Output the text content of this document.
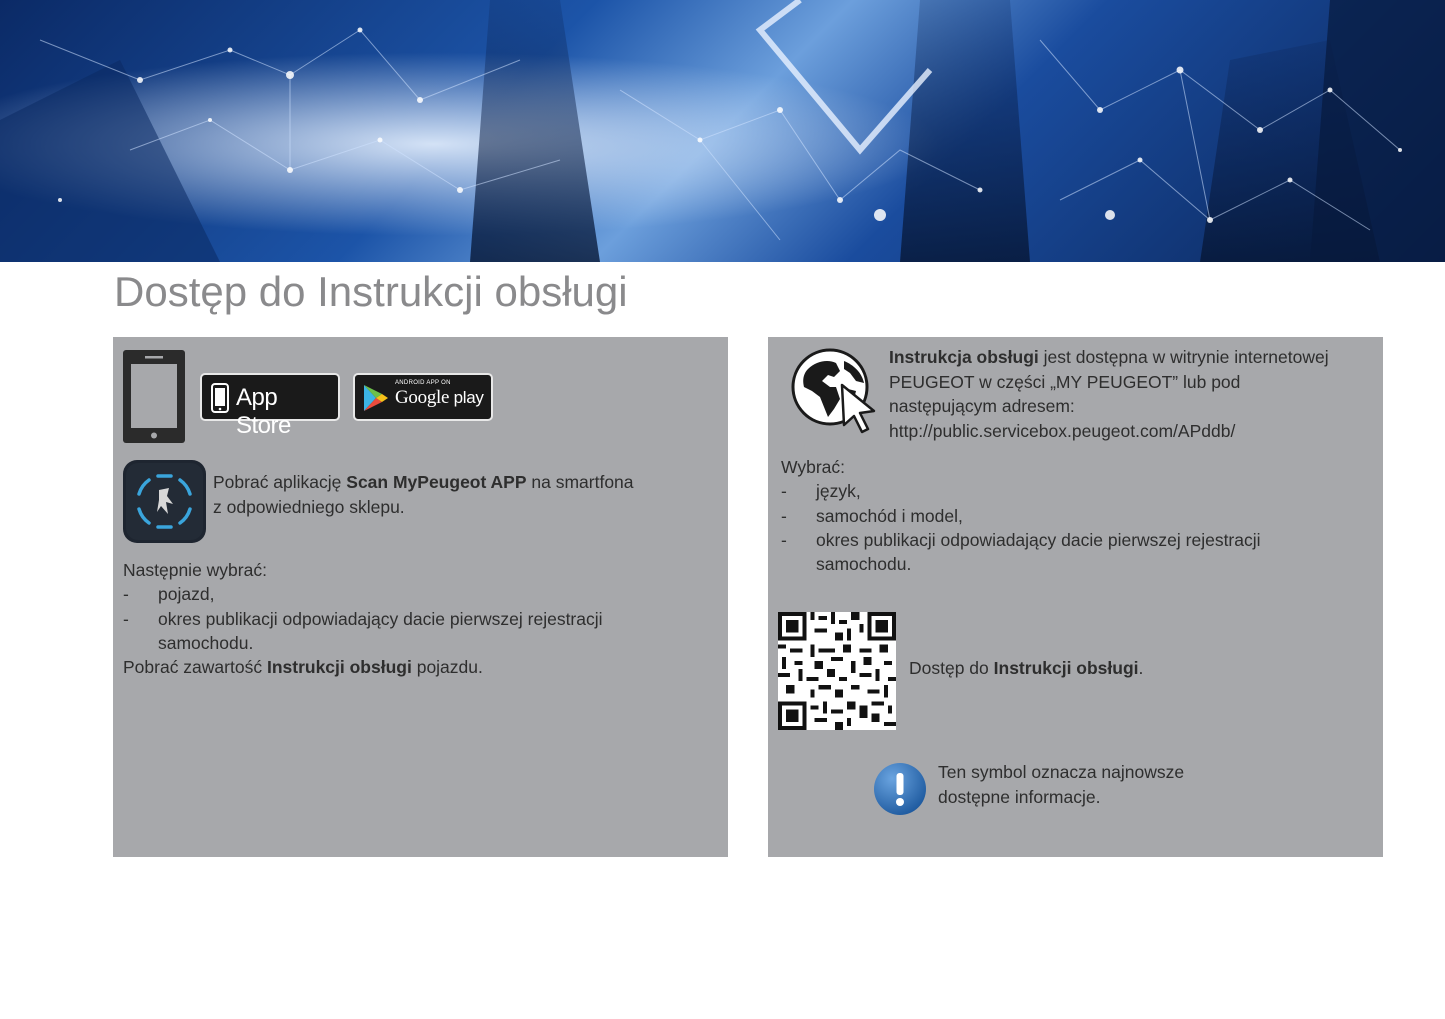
Dostęp do Instrukcji obsługi
App Store
ANDROID APP ON
Google play
Pobrać aplikację Scan MyPeugeot APP na smartfona
z odpowiedniego sklepu.
Następnie wybrać:
- pojazd,
- okres publikacji odpowiadający dacie pierwszej rejestracji
samochodu.
Pobrać zawartość Instrukcji obsługi pojazdu.
Instrukcja obsługi jest dostępna w witrynie internetowej
PEUGEOT w części „MY PEUGEOT” lub pod
następującym adresem:
http://public.servicebox.peugeot.com/APddb/
Wybrać:
- język,
- samochód i model,
- okres publikacji odpowiadający dacie pierwszej rejestracji
samochodu.
Dostęp do Instrukcji obsługi.
Ten symbol oznacza najnowsze
dostępne informacje.
